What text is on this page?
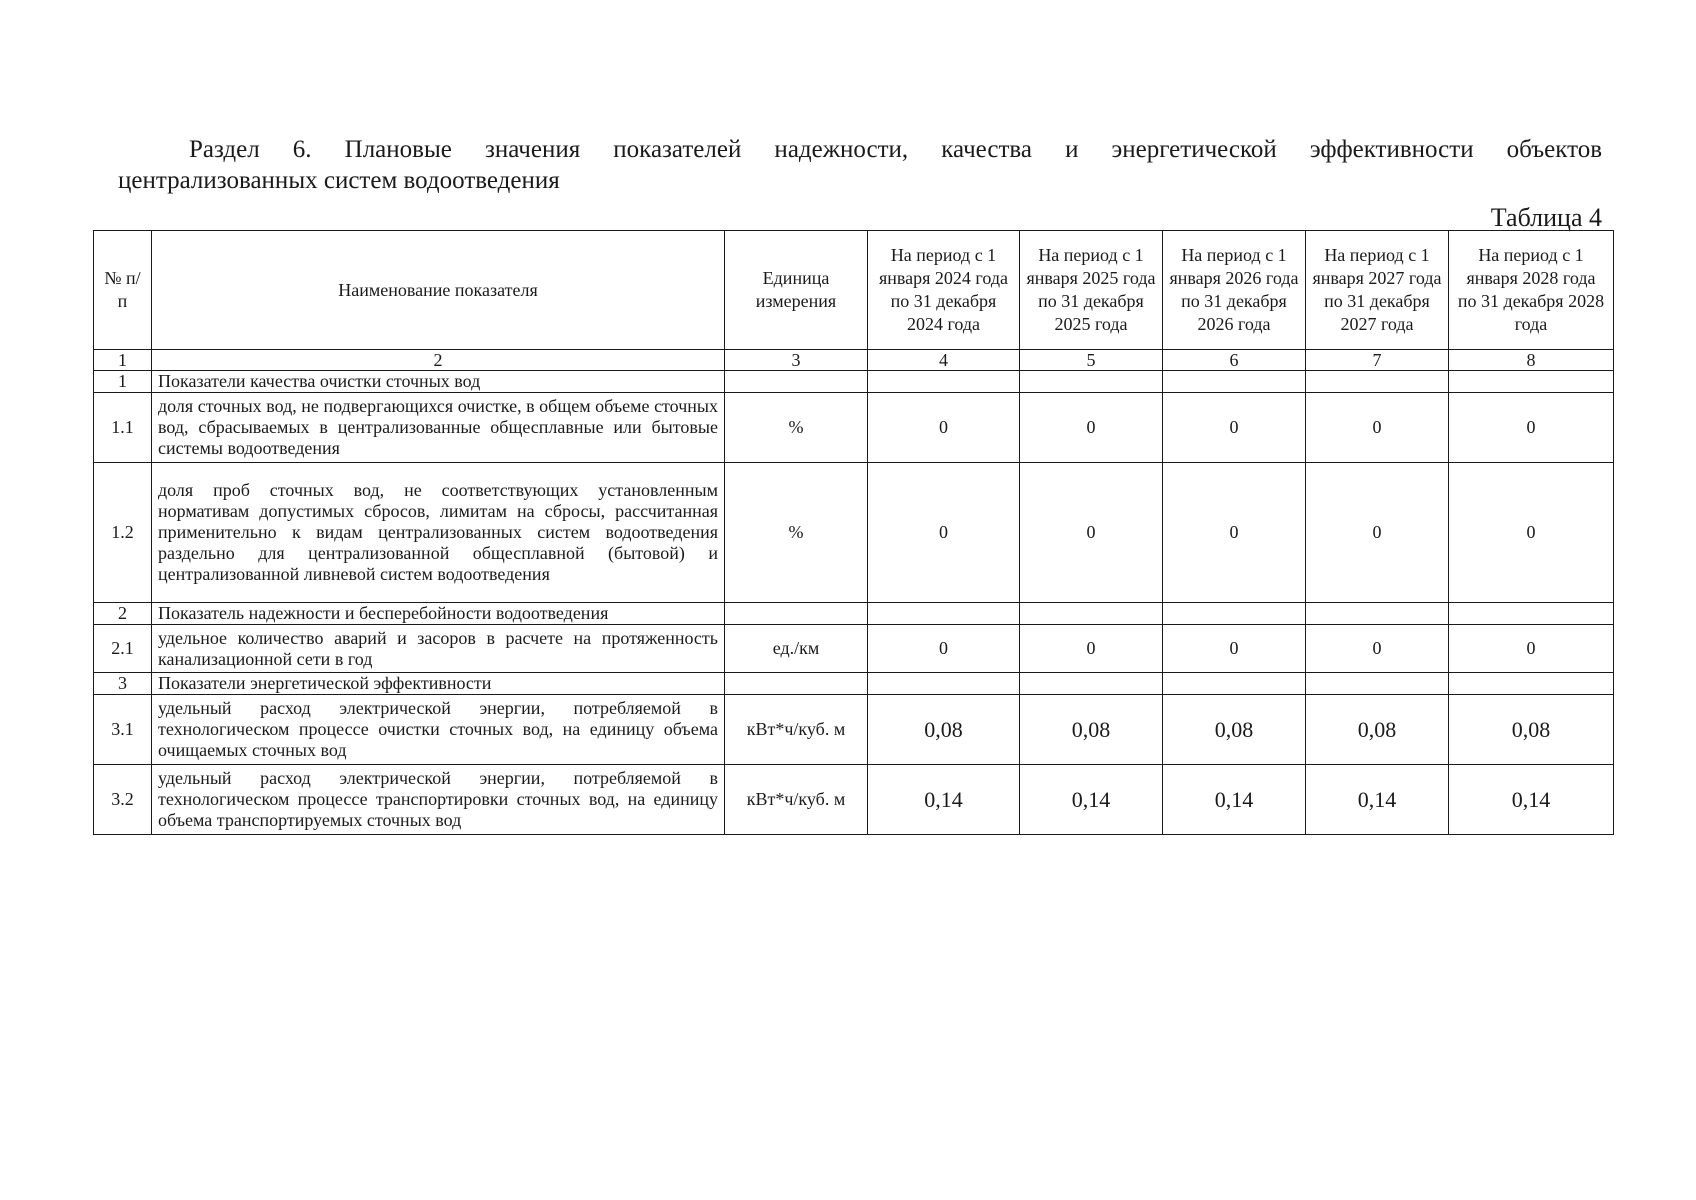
Раздел 6. Плановые значения показателей надежности, качества и энергетической эффективности объектов
централизованных систем водоотведения
Таблица 4
№ п/п	Наименование показателя	Единица измерения	На период с 1 января 2024 года по 31 декабря 2024 года	На период с 1 января 2025 года по 31 декабря 2025 года	На период с 1 января 2026 года по 31 декабря 2026 года	На период с 1 января 2027 года по 31 декабря 2027 года	На период с 1 января 2028 года по 31 декабря 2028 года
1	2	3	4	5	6	7	8
1	Показатели качества очистки сточных вод						
1.1	доля сточных вод, не подвергающихся очистке, в общем объеме сточных вод, сбрасываемых в централизованные общесплавные или бытовые системы водоотведения	%	0	0	0	0	0
1.2	доля проб сточных вод, не соответствующих установленным нормативам допустимых сбросов, лимитам на сбросы, рассчитанная применительно к видам централизованных систем водоотведения раздельно для централизованной общесплавной (бытовой) и централизованной ливневой систем водоотведения	%	0	0	0	0	0
2	Показатель надежности и бесперебойности водоотведения						
2.1	удельное количество аварий и засоров в расчете на протяженность канализационной сети в год	ед./км	0	0	0	0	0
3	Показатели энергетической эффективности						
3.1	удельный расход электрической энергии, потребляемой в технологическом процессе очистки сточных вод, на единицу объема очищаемых сточных вод	кВт*ч/куб. м	0,08	0,08	0,08	0,08	0,08
3.2	удельный расход электрической энергии, потребляемой в технологическом процессе транспортировки сточных вод, на единицу объема транспортируемых сточных вод	кВт*ч/куб. м	0,14	0,14	0,14	0,14	0,14
